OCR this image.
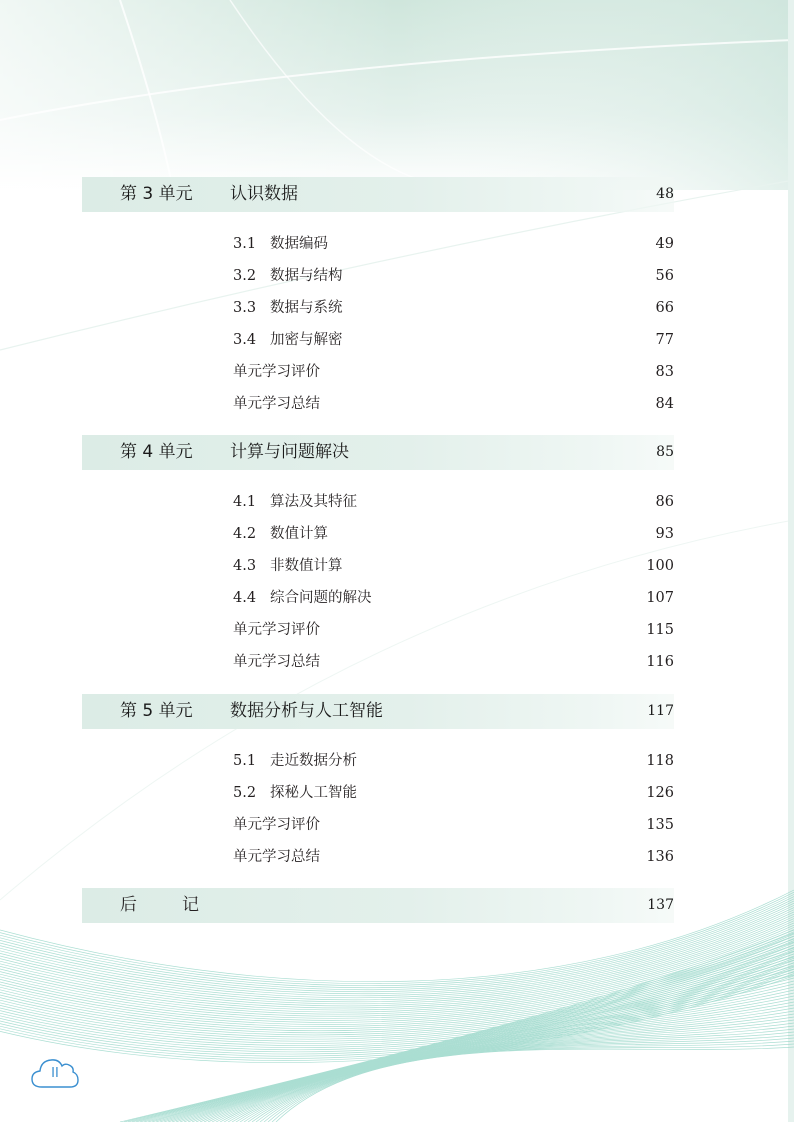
第 3 单元 认识数据	48
3.1 数据编码	49
3.2 数据与结构	56
3.3 数据与系统	66
3.4 加密与解密	77
单元学习评价	83
单元学习总结	84
第 4 单元 计算与问题解决	85
4.1 算法及其特征	86
4.2 数值计算	93
4.3 非数值计算	100
4.4 综合问题的解决	107
单元学习评价	115
单元学习总结	116
第 5 单元 数据分析与人工智能	117
5.1 走近数据分析	118
5.2 探秘人工智能	126
单元学习评价	135
单元学习总结	136
后	记	137
II
